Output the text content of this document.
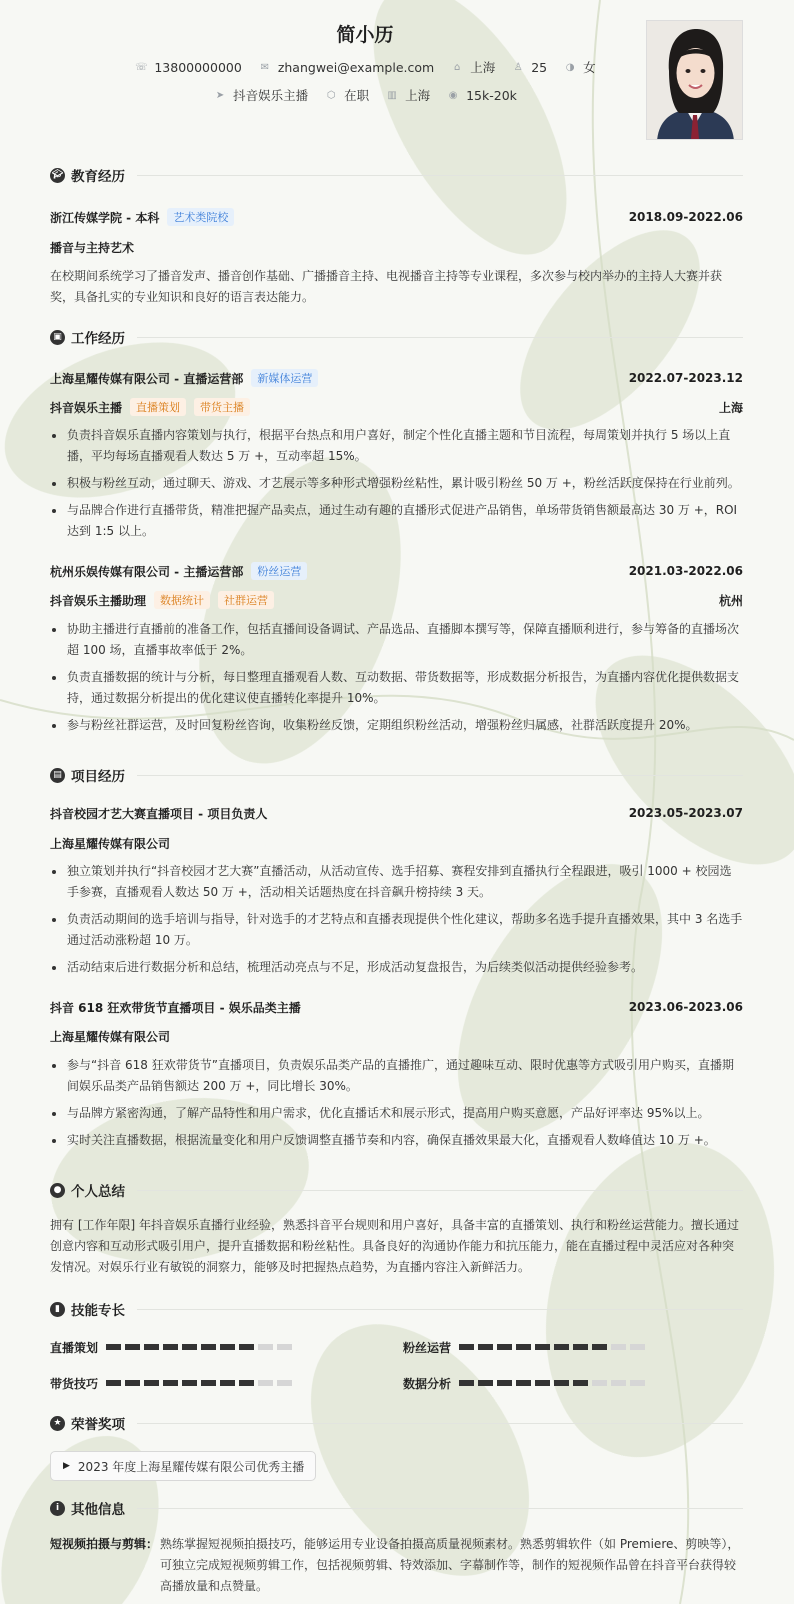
简小历
☏ 13800000000 ✉ zhangwei@example.com	⌂ 上海 ♙ 25 ◑ 女
➤ 抖音娱乐主播 ⬡ 在职 ▥ 上海 ◉ 15k-20k
🎓︎ 教育经历
浙江传媒学院 - 本科	艺术类院校	2018.09-2022.06
播音与主持艺术
在校期间系统学习了播音发声、播音创作基础、广播播音主持、电视播音主持等专业课程，多次参与校内举办的主持人大赛并获奖，具备扎实的专业知识和良好的语言表达能力。
▣ 工作经历
上海星耀传媒有限公司 - 直播运营部	新媒体运营	2022.07-2023.12
抖音娱乐主播	直播策划	带货主播	上海
负责抖音娱乐直播内容策划与执行，根据平台热点和用户喜好，制定个性化直播主题和节目流程，每周策划并执行 5 场以上直播，平均每场直播观看人数达 5 万 +，互动率超 15%。
积极与粉丝互动，通过聊天、游戏、才艺展示等多种形式增强粉丝粘性，累计吸引粉丝 50 万 +，粉丝活跃度保持在行业前列。
与品牌合作进行直播带货，精准把握产品卖点，通过生动有趣的直播形式促进产品销售，单场带货销售额最高达 30 万 +，ROI 达到 1:5 以上。
杭州乐娱传媒有限公司 - 主播运营部	粉丝运营	2021.03-2022.06
抖音娱乐主播助理	数据统计	社群运营	杭州
协助主播进行直播前的准备工作，包括直播间设备调试、产品选品、直播脚本撰写等，保障直播顺利进行，参与筹备的直播场次超 100 场，直播事故率低于 2%。
负责直播数据的统计与分析，每日整理直播观看人数、互动数据、带货数据等，形成数据分析报告，为直播内容优化提供数据支持，通过数据分析提出的优化建议使直播转化率提升 10%。
参与粉丝社群运营，及时回复粉丝咨询，收集粉丝反馈，定期组织粉丝活动，增强粉丝归属感，社群活跃度提升 20%。
▤ 项目经历
抖音校园才艺大赛直播项目 - 项目负责人	2023.05-2023.07
上海星耀传媒有限公司
独立策划并执行“抖音校园才艺大赛”直播活动，从活动宣传、选手招募、赛程安排到直播执行全程跟进，吸引 1000 + 校园选手参赛，直播观看人数达 50 万 +，活动相关话题热度在抖音飙升榜持续 3 天。
负责活动期间的选手培训与指导，针对选手的才艺特点和直播表现提供个性化建议，帮助多名选手提升直播效果，其中 3 名选手通过活动涨粉超 10 万。
活动结束后进行数据分析和总结，梳理活动亮点与不足，形成活动复盘报告，为后续类似活动提供经验参考。
抖音 618 狂欢带货节直播项目 - 娱乐品类主播	2023.06-2023.06
上海星耀传媒有限公司
参与“抖音 618 狂欢带货节”直播项目，负责娱乐品类产品的直播推广，通过趣味互动、限时优惠等方式吸引用户购买，直播期间娱乐品类产品销售额达 200 万 +，同比增长 30%。
与品牌方紧密沟通，了解产品特性和用户需求，优化直播话术和展示形式，提高用户购买意愿，产品好评率达 95%以上。
实时关注直播数据，根据流量变化和用户反馈调整直播节奏和内容，确保直播效果最大化，直播观看人数峰值达 10 万 +。
● 个人总结
拥有 [工作年限] 年抖音娱乐直播行业经验，熟悉抖音平台规则和用户喜好，具备丰富的直播策划、执行和粉丝运营能力。擅长通过创意内容和互动形式吸引用户，提升直播数据和粉丝粘性。具备良好的沟通协作能力和抗压能力，能在直播过程中灵活应对各种突发情况。对娱乐行业有敏锐的洞察力，能够及时把握热点趋势，为直播内容注入新鲜活力。
▮ 技能专长
直播策划	粉丝运营
带货技巧	数据分析
★ 荣誉奖项
▶ 2023 年度上海星耀传媒有限公司优秀主播
i 其他信息
短视频拍摄与剪辑： 熟练掌握短视频拍摄技巧，能够运用专业设备拍摄高质量视频素材。熟悉剪辑软件（如 Premiere、剪映等），可独立完成短视频剪辑工作，包括视频剪辑、特效添加、字幕制作等，制作的短视频作品曾在抖音平台获得较高播放量和点赞量。
